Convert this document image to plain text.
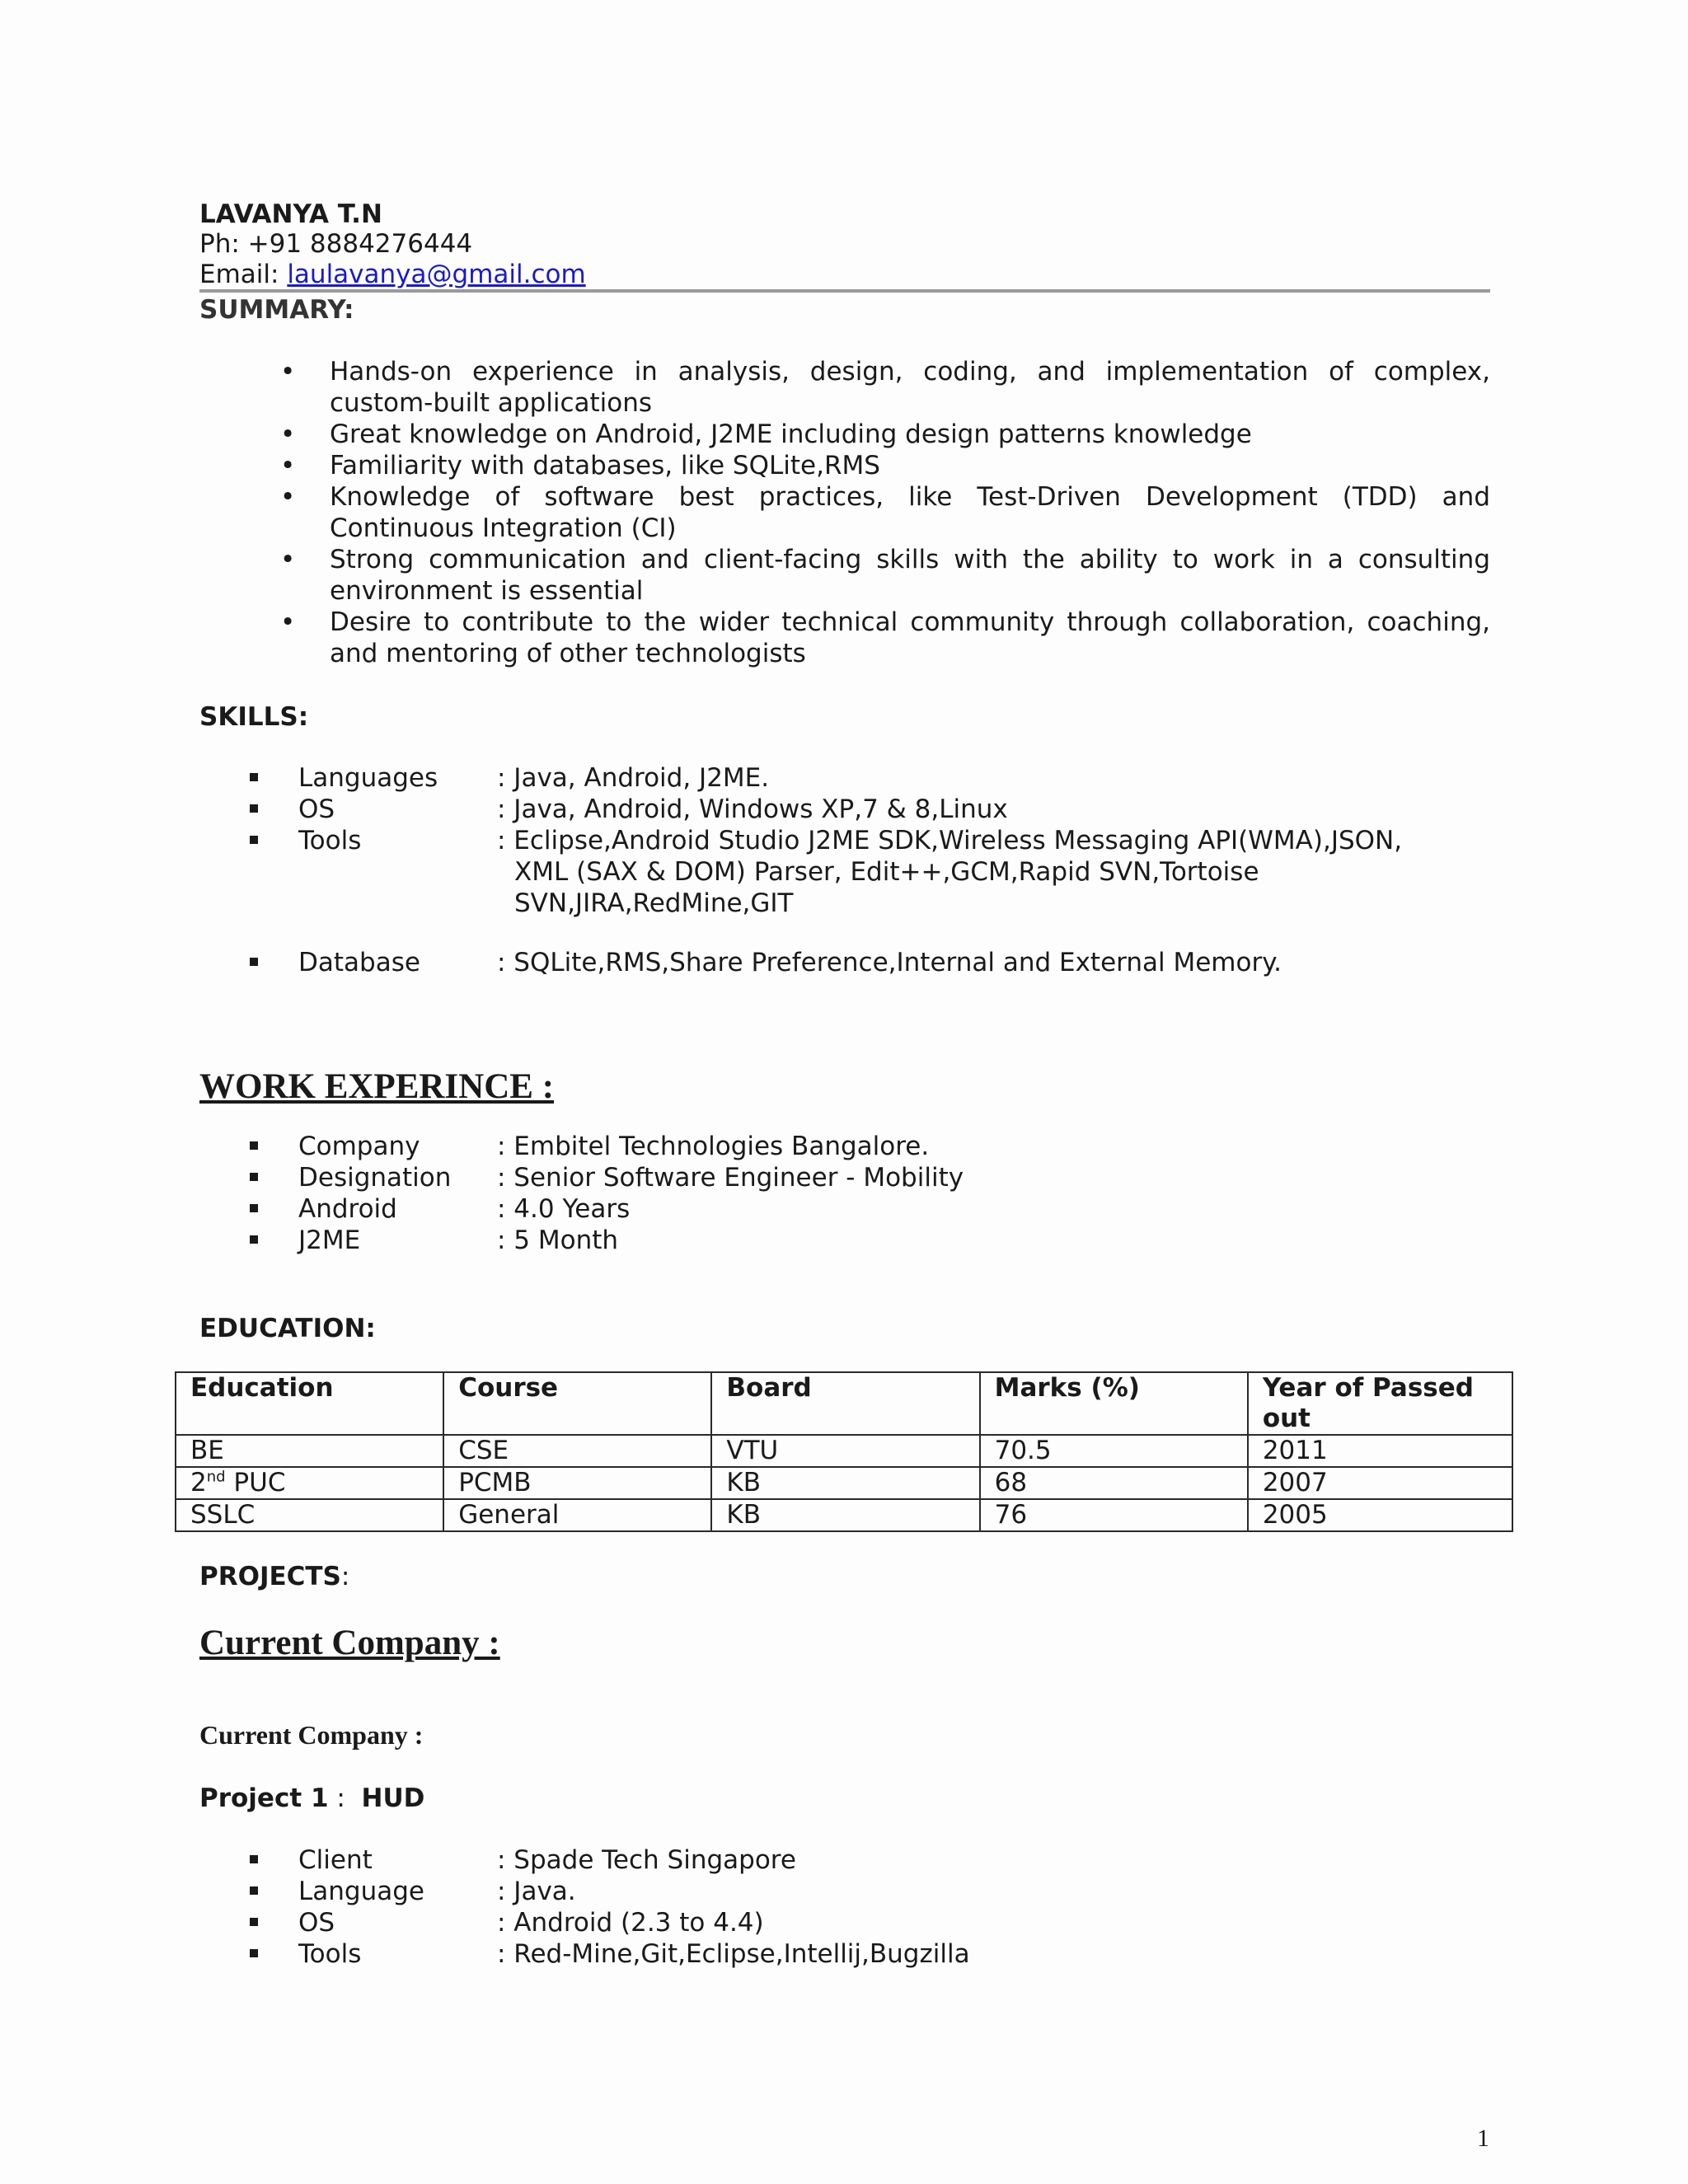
LAVANYA T.N
Ph: +91 8884276444
Email: laulavanya@gmail.com
SUMMARY:
• Hands-on experience in analysis, design, coding, and implementation of complex, custom-built applications
• Great knowledge on Android, J2ME including design patterns knowledge
• Familiarity with databases, like SQLite,RMS
• Knowledge of software best practices, like Test-Driven Development (TDD) and Continuous Integration (CI)
• Strong communication and client-facing skills with the ability to work in a consulting environment is essential
• Desire to contribute to the wider technical community through collaboration, coaching, and mentoring of other technologists
SKILLS:
Languages : Java, Android, J2ME.
OS	: Java, Android, Windows XP,7 & 8,Linux
Tools	: Eclipse,Android Studio J2ME SDK,Wireless Messaging API(WMA),JSON,
XML (SAX & DOM) Parser, Edit++,GCM,Rapid SVN,Tortoise
SVN,JIRA,RedMine,GIT
Database	: SQLite,RMS,Share Preference,Internal and External Memory.
WORK EXPERINCE :
Company	: Embitel Technologies Bangalore.
Designation : Senior Software Engineer - Mobility
Android	: 4.0 Years
J2ME	: 5 Month
EDUCATION:
Education	Course	Board	Marks (%)	Year of Passed out
BE	CSE	VTU	70.5	2011
2nd PUC	PCMB	KB	68	2007
SSLC	General	KB	76	2005
PROJECTS:
Current Company :
Current Company :
Project 1 :  HUD
Client	: Spade Tech Singapore
Language	: Java.
OS	: Android (2.3 to 4.4)
Tools	: Red-Mine,Git,Eclipse,Intellij,Bugzilla
1
